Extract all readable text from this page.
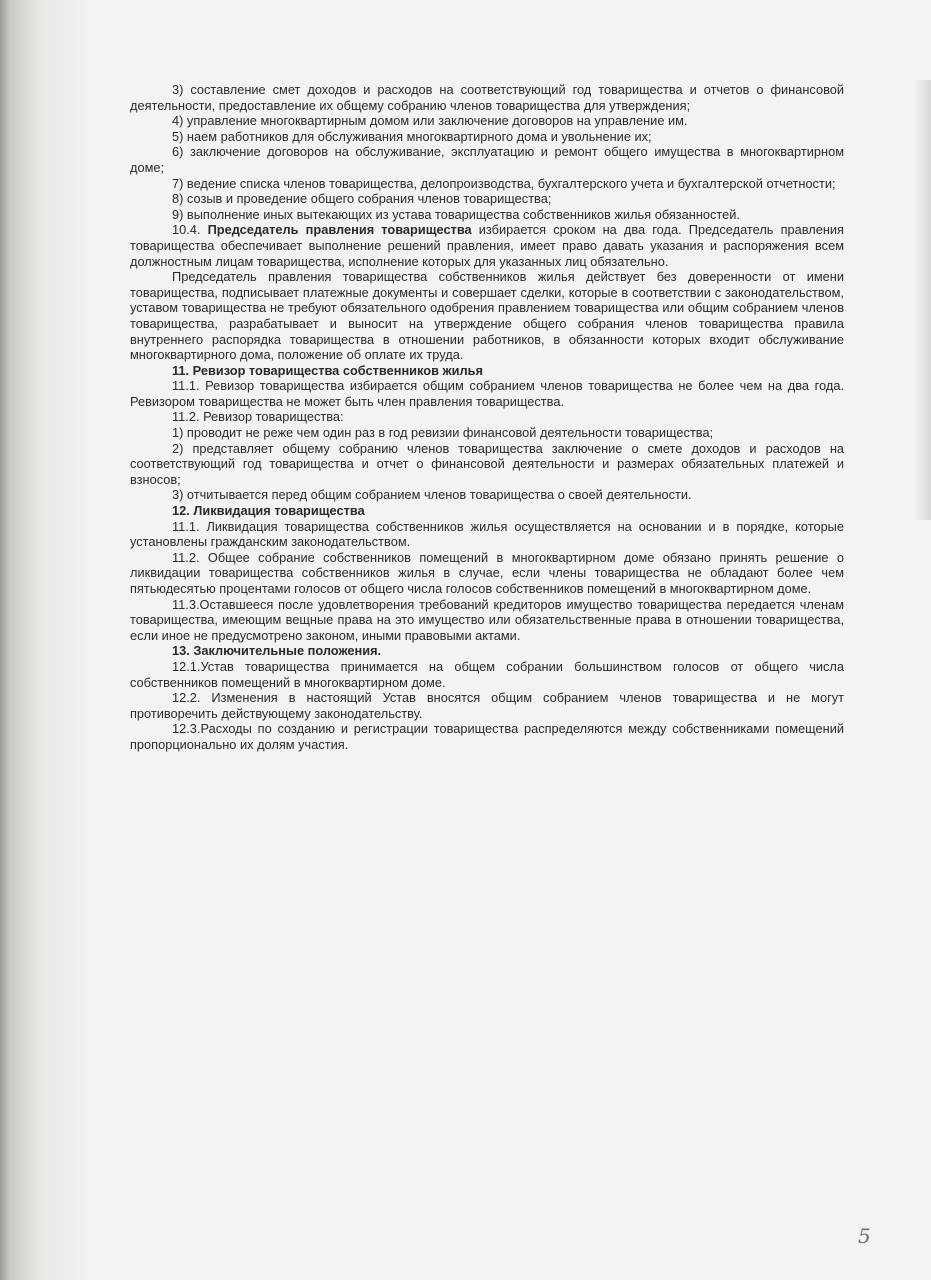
3) составление смет доходов и расходов на соответствующий год товарищества и отчетов о финансовой деятельности, предоставление их общему собранию членов товарищества для утверждения;

4) управление многоквартирным домом или заключение договоров на управление им.

5) наем работников для обслуживания многоквартирного дома и увольнение их;

6) заключение договоров на обслуживание, эксплуатацию и ремонт общего имущества в многоквартирном доме;

7) ведение списка членов товарищества, делопроизводства, бухгалтерского учета и бухгалтерской отчетности;

8) созыв и проведение общего собрания членов товарищества;

9) выполнение иных вытекающих из устава товарищества собственников жилья обязанностей.

10.4. Председатель правления товарищества избирается сроком на два года. Председатель правления товарищества обеспечивает выполнение решений правления, имеет право давать указания и распоряжения всем должностным лицам товарищества, исполнение которых для указанных лиц обязательно.

Председатель правления товарищества собственников жилья действует без доверенности от имени товарищества, подписывает платежные документы и совершает сделки, которые в соответствии с законодательством, уставом товарищества не требуют обязательного одобрения правлением товарищества или общим собранием членов товарищества, разрабатывает и выносит на утверждение общего собрания членов товарищества правила внутреннего распорядка товарищества в отношении работников, в обязанности которых входит обслуживание многоквартирного дома, положение об оплате их труда.

11. Ревизор товарищества собственников жилья

11.1. Ревизор товарищества избирается общим собранием членов товарищества не более чем на два года. Ревизором товарищества не может быть член правления товарищества.

11.2. Ревизор товарищества:

1) проводит не реже чем один раз в год ревизии финансовой деятельности товарищества;

2) представляет общему собранию членов товарищества заключение о смете доходов и расходов на соответствующий год товарищества и отчет о финансовой деятельности и размерах обязательных платежей и взносов;

3) отчитывается перед общим собранием членов товарищества о своей деятельности.

12. Ликвидация товарищества

11.1. Ликвидация товарищества собственников жилья осуществляется на основании и в порядке, которые установлены гражданским законодательством.

11.2. Общее собрание собственников помещений в многоквартирном доме обязано принять решение о ликвидации товарищества собственников жилья в случае, если члены товарищества не обладают более чем пятьюдесятью процентами голосов от общего числа голосов собственников помещений в многоквартирном доме.

11.3.Оставшееся после удовлетворения требований кредиторов имущество товарищества передается членам товарищества, имеющим вещные права на это имущество или обязательственные права в отношении товарищества, если иное не предусмотрено законом, иными правовыми актами.

13. Заключительные положения.

12.1.Устав товарищества принимается на общем собрании большинством голосов от общего числа собственников помещений в многоквартирном доме.

12.2. Изменения в настоящий Устав вносятся общим собранием членов товарищества и не могут противоречить действующему законодательству.

12.3.Расходы по созданию и регистрации товарищества распределяются между собственниками помещений пропорционально их долям участия.

5
